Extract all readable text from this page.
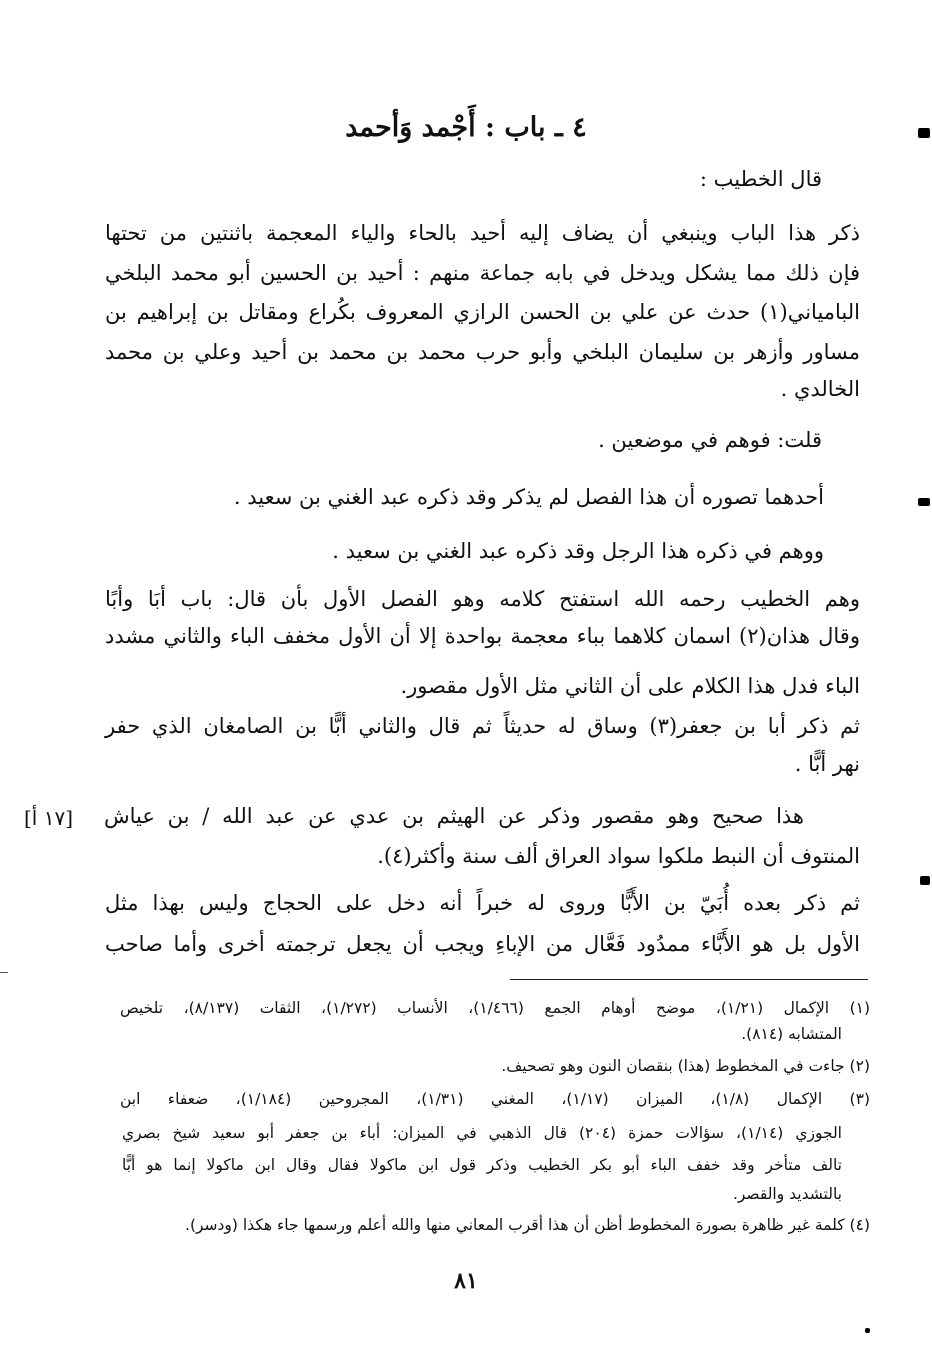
٤ ـ باب : أَجْمد وَأحمد
قال الخطيب :
ذكر هذا الباب وينبغي أن يضاف إليه أحيد بالحاء والياء المعجمة باثنتين من تحتها
فإن ذلك مما يشكل ويدخل في بابه جماعة منهم : أحيد بن الحسين أبو محمد البلخي
البامياني(١) حدث عن علي بن الحسن الرازي المعروف بكُراع ومقاتل بن إبراهيم بن
مساور وأزهر بن سليمان البلخي وأبو حرب محمد بن محمد بن أحيد وعلي بن محمد
الخالدي .
قلت: فوهم في موضعين .
أحدهما تصوره أن هذا الفصل لم يذكر وقد ذكره عبد الغني بن سعيد .
ووهم في ذكره هذا الرجل وقد ذكره عبد الغني بن سعيد .
وهم الخطيب رحمه الله استفتح كلامه وهو الفصل الأول بأن قال: باب أبَا وأبًا
وقال هذان(٢) اسمان كلاهما بباء معجمة بواحدة إلا أن الأول مخفف الباء والثاني مشدد
الباء فدل هذا الكلام على أن الثاني مثل الأول مقصور.
ثم ذكر أبا بن جعفر(٣) وساق له حديثاً ثم قال والثاني أبًّا بن الصامغان الذي حفر
نهر أبًّا .
هذا صحيح وهو مقصور وذكر عن الهيثم بن عدي عن عبد الله / بن عياش
[١٧ أ]
المنتوف أن النبط ملكوا سواد العراق ألف سنة وأكثر(٤).
ثم ذكر بعده أُبَيّ بن الأَبًّا وروى له خبراً أنه دخل على الحجاج وليس بهذا مثل
الأول بل هو الأَبَّاء ممدُود فَعَّال من الإباءِ ويجب أن يجعل ترجمته أخرى وأما صاحب
(١) الإكمال (١/٢١)، موضح أوهام الجمع (١/٤٦٦)، الأنساب (١/٢٧٢)، الثقات (٨/١٣٧)، تلخيص
المتشابه (٨١٤).
(٢) جاءت في المخطوط (هذا) بنقصان النون وهو تصحيف.
(٣) الإكمال (١/٨)، الميزان (١/١٧)، المغني (١/٣١)، المجروحين (١/١٨٤)، ضعفاء ابن
الجوزي (١/١٤)، سؤالات حمزة (٢٠٤) قال الذهبي في الميزان: أباء بن جعفر أبو سعيد شيخ بصري
تالف متأخر وقد خفف الباء أبو بكر الخطيب وذكر قول ابن ماكولا فقال وقال ابن ماكولا إنما هو أبًّا
بالتشديد والقصر.
(٤) كلمة غير ظاهرة بصورة المخطوط أظن أن هذا أقرب المعاني منها والله أعلم ورسمها جاء هكذا (ودسر).
٨١
